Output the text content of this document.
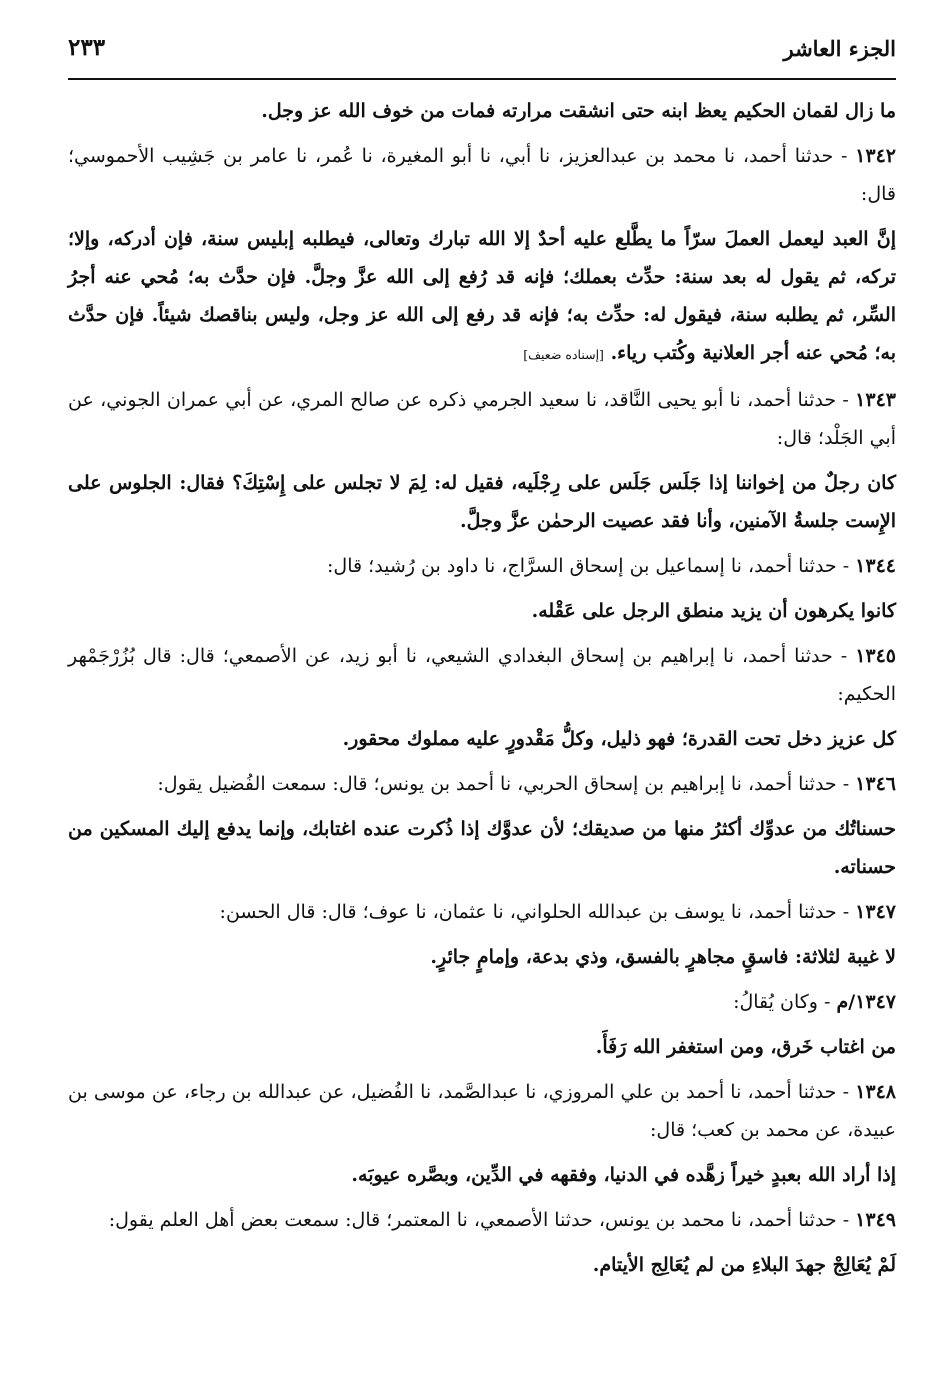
الجزء العاشر
٢٣٣

ما زال لقمان الحكيم يعظ ابنه حتى انشقت مرارته فمات من خوف الله عز وجل.

١٣٤٢ - حدثنا أحمد، نا محمد بن عبدالعزيز، نا أبي، نا أبو المغيرة، نا عُمر، نا عامر بن جَشِيب الأحموسي؛ قال:

إنَّ العبد ليعمل العملَ سرّاً ما يطَّلع عليه أحدٌ إلا الله تبارك وتعالى، فيطلبه إبليس سنة، فإن أدركه، وإلا؛ تركه، ثم يقول له بعد سنة: حدِّث بعملك؛ فإنه قد رُفع إلى الله عزَّ وجلَّ. فإن حدَّث به؛ مُحي عنه أجرُ السِّر، ثم يطلبه سنة، فيقول له: حدِّث به؛ فإنه قد رفع إلى الله عز وجل، وليس بناقصك شيئاً. فإن حدَّث به؛ مُحي عنه أجر العلانية وكُتب رياء. [إسناده ضعيف]

١٣٤٣ - حدثنا أحمد، نا أبو يحيى النَّاقد، نا سعيد الجرمي ذكره عن صالح المري، عن أبي عمران الجوني، عن أبي الجَلْد؛ قال:

كان رجلٌ من إخواننا إذا جَلَس جَلَس على رِجْلَيه، فقيل له: لِمَ لا تجلس على إِسْتِكَ؟ فقال: الجلوس على الإِست جلسةُ الآمنين، وأنا فقد عصيت الرحمٰن عزَّ وجلَّ.

١٣٤٤ - حدثنا أحمد، نا إسماعيل بن إسحاق السرَّاج، نا داود بن رُشيد؛ قال:

كانوا يكرهون أن يزيد منطق الرجل على عَقْله.

١٣٤٥ - حدثنا أحمد، نا إبراهيم بن إسحاق البغدادي الشيعي، نا أبو زيد، عن الأصمعي؛ قال: قال بُزُرْجَمْهر الحكيم:

كل عزيز دخل تحت القدرة؛ فهو ذليل، وكلُّ مَقْدورٍ عليه مملوك محقور.

١٣٤٦ - حدثنا أحمد، نا إبراهيم بن إسحاق الحربي، نا أحمد بن يونس؛ قال: سمعت الفُضيل يقول:

حسناتُك من عدوِّك أكثرُ منها من صديقك؛ لأن عدوَّك إذا ذُكرت عنده اغتابك، وإنما يدفع إليك المسكين من حسناته.

١٣٤٧ - حدثنا أحمد، نا يوسف بن عبدالله الحلواني، نا عثمان، نا عوف؛ قال: قال الحسن:

لا غيبة لثلاثة: فاسقٍ مجاهرٍ بالفسق، وذي بدعة، وإمامٍ جائرٍ.

١٣٤٧/م - وكان يُقالُ:

من اغتاب خَرق، ومن استغفر الله رَفَأَ.

١٣٤٨ - حدثنا أحمد، نا أحمد بن علي المروزي، نا عبدالصَّمد، نا الفُضيل، عن عبدالله بن رجاء، عن موسى بن عبيدة، عن محمد بن كعب؛ قال:

إذا أراد الله بعبدٍ خيراً زهَّده في الدنيا، وفقهه في الدِّين، وبصَّره عيوبَه.

١٣٤٩ - حدثنا أحمد، نا محمد بن يونس، حدثنا الأصمعي، نا المعتمر؛ قال: سمعت بعض أهل العلم يقول:

لَمْ يُعَالِجْ جهدَ البلاءِ من لم يُعَالِج الأيتام.
